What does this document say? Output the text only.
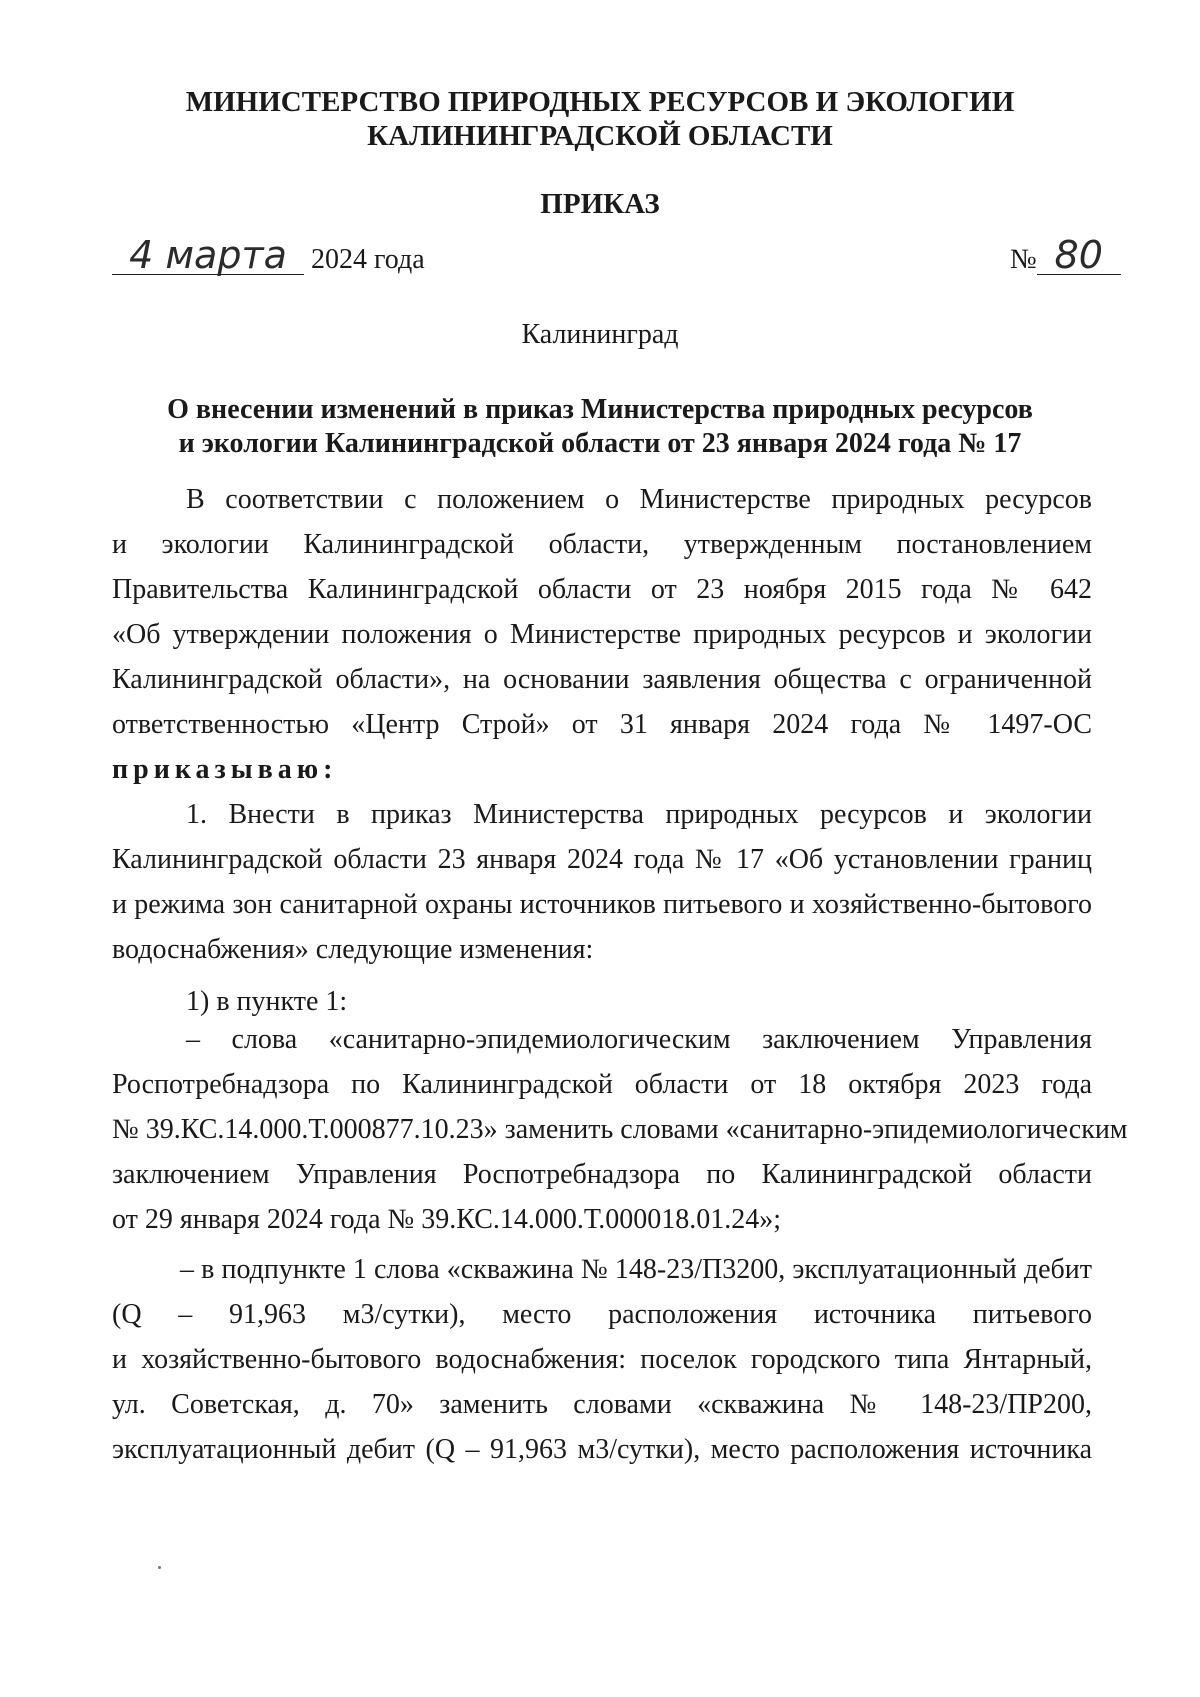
МИНИСТЕРСТВО ПРИРОДНЫХ РЕСУРСОВ И ЭКОЛОГИИ
КАЛИНИНГРАДСКОЙ ОБЛАСТИ
ПРИКАЗ
4 марта 2024 года	№ 80
Калининград
О внесении изменений в приказ Министерства природных ресурсов
и экологии Калининградской области от 23 января 2024 года № 17
В соответствии с положением о Министерстве природных ресурсов
и экологии Калининградской области, утвержденным постановлением
Правительства Калининградской области от 23 ноября 2015 года № 642
«Об утверждении положения о Министерстве природных ресурсов и экологии
Калининградской области», на основании заявления общества с ограниченной
ответственностью «Центр Строй» от 31 января 2024 года № 1497-ОС
приказываю:
1. Внести в приказ Министерства природных ресурсов и экологии
Калининградской области 23 января 2024 года № 17 «Об установлении границ
и режима зон санитарной охраны источников питьевого и хозяйственно-бытового
водоснабжения» следующие изменения:
1) в пункте 1:
– слова «санитарно-эпидемиологическим заключением Управления
Роспотребнадзора по Калининградской области от 18 октября 2023 года
№ 39.КС.14.000.Т.000877.10.23» заменить словами «санитарно-эпидемиологическим
заключением Управления Роспотребнадзора по Калининградской области
от 29 января 2024 года № 39.КС.14.000.Т.000018.01.24»;
– в подпункте 1 слова «скважина № 148-23/П3200, эксплуатационный дебит
(Q – 91,963 м3/сутки), место расположения источника питьевого
и хозяйственно-бытового водоснабжения: поселок городского типа Янтарный,
ул. Советская, д. 70» заменить словами «скважина № 148-23/ПР200,
эксплуатационный дебит (Q – 91,963 м3/сутки), место расположения источника
